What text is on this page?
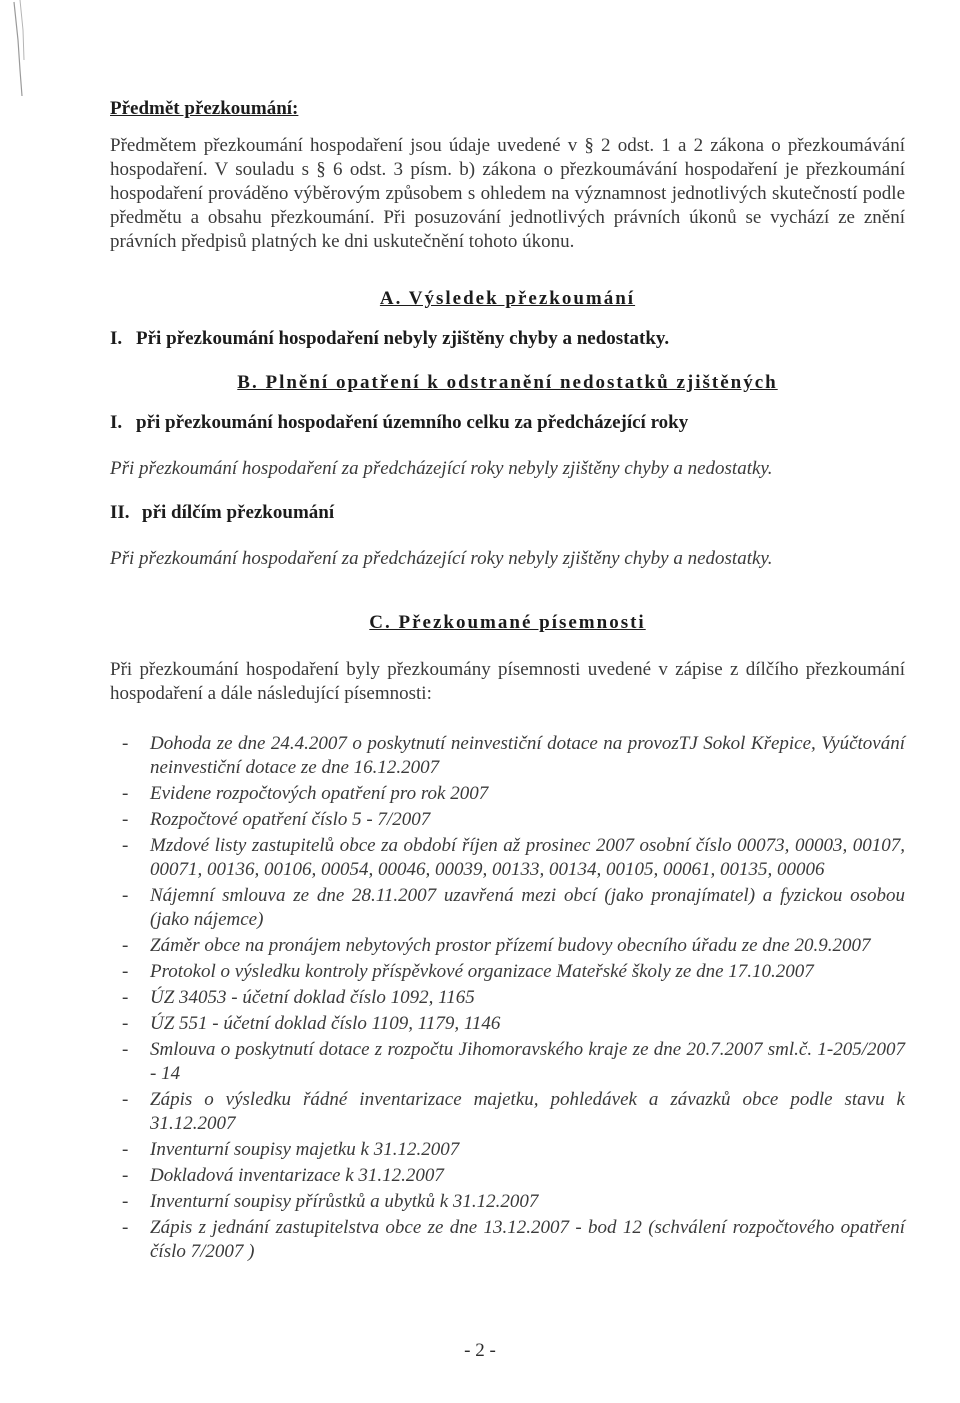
Předmět přezkoumání:

Předmětem přezkoumání hospodaření jsou údaje uvedené v § 2 odst. 1 a 2 zákona o přezkoumávání hospodaření. V souladu s § 6 odst. 3 písm. b) zákona o přezkoumávání hospodaření je přezkoumání hospodaření prováděno výběrovým způsobem s ohledem na významnost jednotlivých skutečností podle předmětu a obsahu přezkoumání. Při posuzování jednotlivých právních úkonů se vychází ze znění právních předpisů platných ke dni uskutečnění tohoto úkonu.

A. Výsledek přezkoumání
I. Při přezkoumání hospodaření nebyly zjištěny chyby a nedostatky.
B. Plnění opatření k odstranění nedostatků zjištěných
I. při přezkoumání hospodaření územního celku za předcházející roky
Při přezkoumání hospodaření za předcházející roky nebyly zjištěny chyby a nedostatky.
II. při dílčím přezkoumání
Při přezkoumání hospodaření za předcházející roky nebyly zjištěny chyby a nedostatky.
C. Přezkoumané písemnosti

Při přezkoumání hospodaření byly přezkoumány písemnosti uvedené v zápise z dílčího přezkoumání hospodaření a dále následující písemnosti:

- Dohoda ze dne 24.4.2007 o poskytnutí neinvestiční dotace na provozTJ Sokol Křepice, Vyúčtování neinvestiční dotace ze dne 16.12.2007
- Evidene rozpočtových opatření pro rok 2007
- Rozpočtové opatření číslo 5 - 7/2007
- Mzdové listy zastupitelů obce za období říjen až prosinec 2007 osobní číslo 00073, 00003, 00107, 00071, 00136, 00106, 00054, 00046, 00039, 00133, 00134, 00105, 00061, 00135, 00006
- Nájemní smlouva ze dne 28.11.2007 uzavřená mezi obcí (jako pronajímatel) a fyzickou osobou (jako nájemce)
- Záměr obce na pronájem nebytových prostor přízemí budovy obecního úřadu ze dne 20.9.2007
- Protokol o výsledku kontroly příspěvkové organizace Mateřské školy ze dne 17.10.2007
- ÚZ 34053 - účetní doklad číslo 1092, 1165
- ÚZ 551 - účetní doklad číslo 1109, 1179, 1146
- Smlouva o poskytnutí dotace z rozpočtu Jihomoravského kraje ze dne 20.7.2007 sml.č. 1-205/2007 - 14
- Zápis o výsledku řádné inventarizace majetku, pohledávek a závazků obce podle stavu k 31.12.2007
- Inventurní soupisy majetku k 31.12.2007
- Dokladová inventarizace k 31.12.2007
- Inventurní soupisy přírůstků a ubytků k 31.12.2007
- Zápis z jednání zastupitelstva obce ze dne 13.12.2007 - bod 12 (schválení rozpočtového opatření číslo 7/2007 )
- 2 -
